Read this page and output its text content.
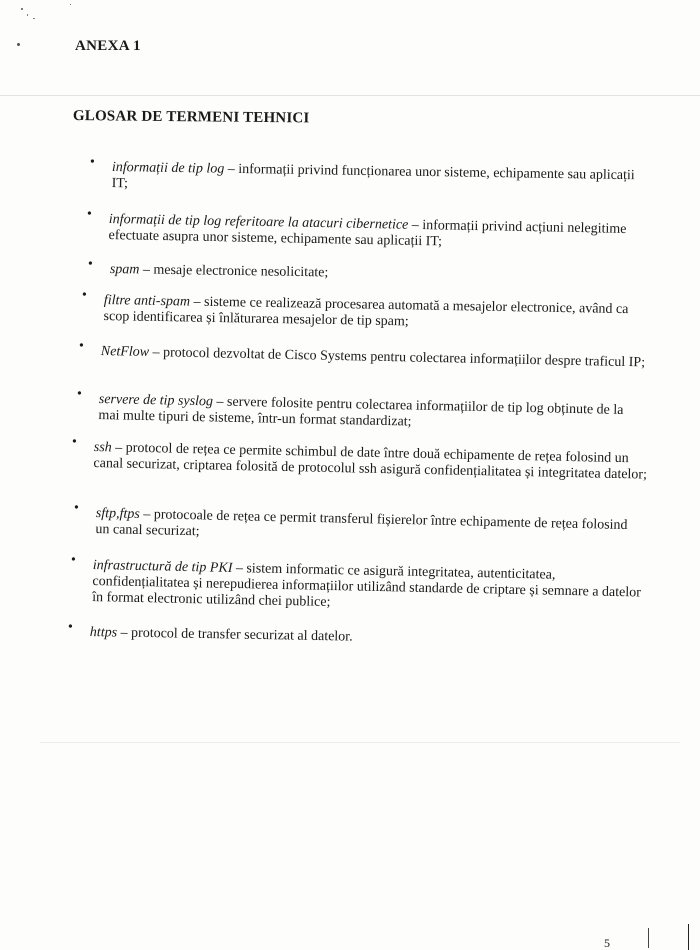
ANEXA 1
GLOSAR DE TERMENI TEHNICI
• informații de tip log – informații privind funcționarea unor sisteme, echipamente sau aplicații IT;
• informații de tip log referitoare la atacuri cibernetice – informații privind acțiuni nelegitime efectuate asupra unor sisteme, echipamente sau aplicații IT;
• spam – mesaje electronice nesolicitate;
• filtre anti-spam – sisteme ce realizează procesarea automată a mesajelor electronice, având ca scop identificarea și înlăturarea mesajelor de tip spam;
• NetFlow – protocol dezvoltat de Cisco Systems pentru colectarea informațiilor despre traficul IP;
• servere de tip syslog – servere folosite pentru colectarea informațiilor de tip log obținute de la mai multe tipuri de sisteme, într-un format standardizat;
• ssh – protocol de rețea ce permite schimbul de date între două echipamente de rețea folosind un canal securizat, criptarea folosită de protocolul ssh asigură confidențialitatea și integritatea datelor;
• sftp,ftps – protocoale de rețea ce permit transferul fișierelor între echipamente de rețea folosind un canal securizat;
• infrastructură de tip PKI – sistem informatic ce asigură integritatea, autenticitatea, confidențialitatea și nerepudierea informațiilor utilizând standarde de criptare și semnare a datelor în format electronic utilizând chei publice;
• https – protocol de transfer securizat al datelor.
5
